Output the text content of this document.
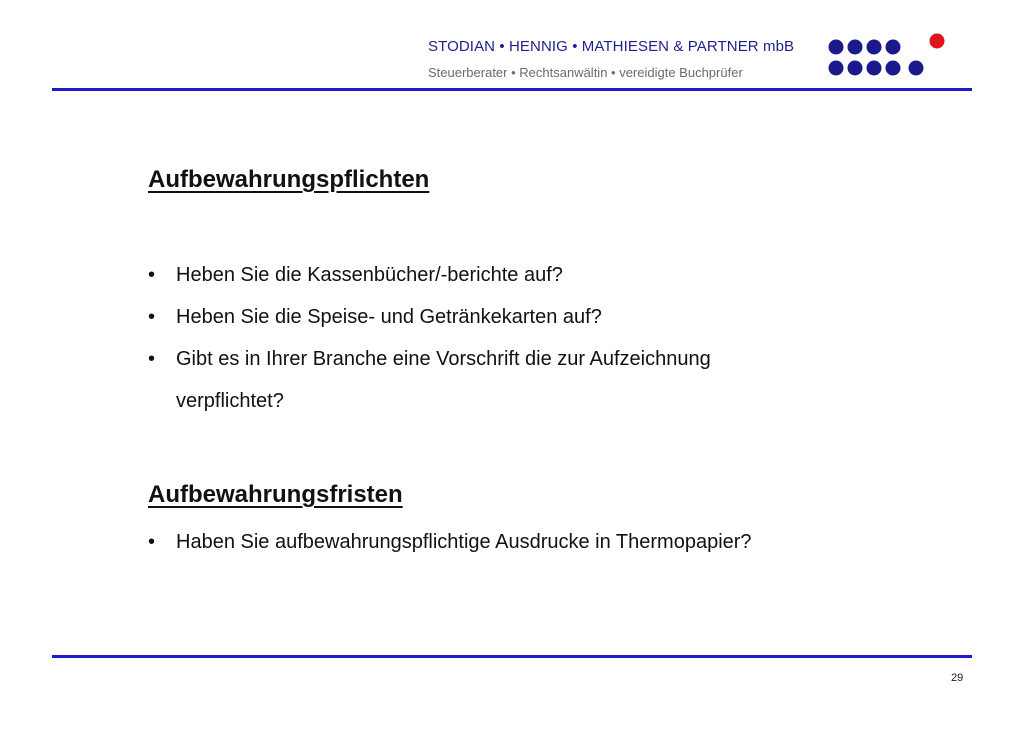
STODIAN • HENNIG • MATHIESEN & PARTNER mbB
Steuerberater • Rechtsanwältin • vereidigte Buchprüfer
Aufbewahrungspflichten
• Heben Sie die Kassenbücher/-berichte auf?
• Heben Sie die Speise- und Getränkekarten auf?
• Gibt es in Ihrer Branche eine Vorschrift die zur Aufzeichnung
verpflichtet?
Aufbewahrungsfristen
• Haben Sie aufbewahrungspflichtige Ausdrucke in Thermopapier?
29
